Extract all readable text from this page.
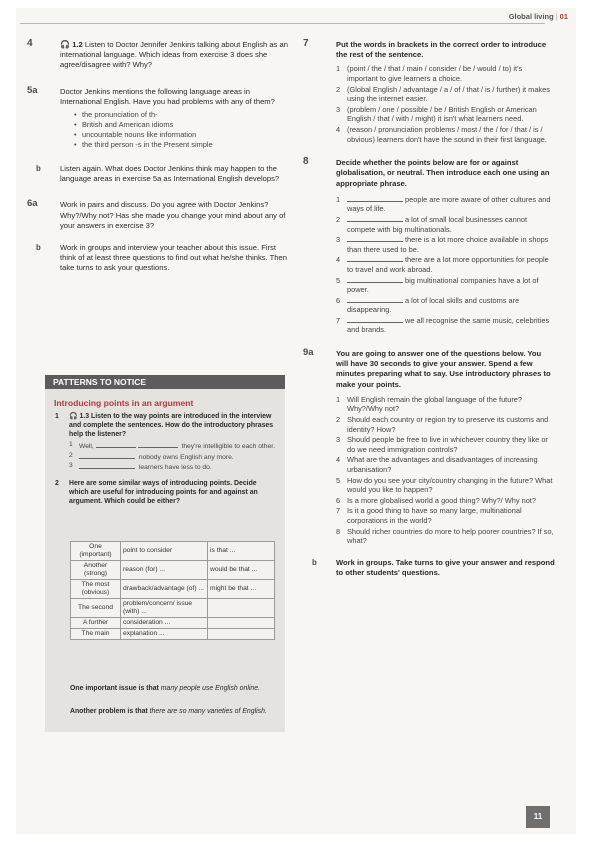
Global living | 01
4	🎧 1.2 Listen to Doctor Jennifer Jenkins talking about English as an international language. Which ideas from exercise 3 does she agree/disagree with? Why?
5a	Doctor Jenkins mentions the following language areas in International English. Have you had problems with any of them?
• the pronunciation of th-
• British and American idioms
• uncountable nouns like information
• the third person -s in the Present simple
b	Listen again. What does Doctor Jenkins think may happen to the language areas in exercise 5a as International English develops?
6a	Work in pairs and discuss. Do you agree with Doctor Jenkins? Why?/Why not? Has she made you change your mind about any of your answers in exercise 3?
b	Work in groups and interview your teacher about this issue. First think of at least three questions to find out what he/she thinks. Then take turns to ask your questions.
PATTERNS TO NOTICE
Introducing points in an argument
1 🎧 1.3 Listen to the way points are introduced in the interview and complete the sentences. How do the introductory phrases help the listener?
1 Well,	they're intelligible to each other.
2	nobody owns English any more.
3	learners have less to do.
2 Here are some similar ways of introducing points. Decide which are useful for introducing points for and against an argument. Which could be either?
One (important)	point to consider	is that ...
Another (strong)	reason (for) ...	would be that ...
The most (obvious)	drawback/advantage (of) ...	might be that ...
The second	problem/concern/ issue (with) ...	
A further	consideration ...	
The main	explanation ...	
One important issue is that many people use English online.
Another problem is that there are so many varieties of English.
7	Put the words in brackets in the correct order to introduce the rest of the sentence.
1 (point / the / that / main / consider / be / would / to) it's important to give learners a choice.
2 (Global English / advantage / a / of / that / is / further) it makes using the internet easier.
3 (problem / one / possible / be / British English or American English / that / with / might) it isn't what learners need.
4 (reason / pronunciation problems / most / the / for / that / is / obvious) learners don't have the sound in their first language.
8	Decide whether the points below are for or against globalisation, or neutral. Then introduce each one using an appropriate phrase.
1	people are more aware of other cultures and ways of life.
2	a lot of small local businesses cannot compete with big multinationals.
3	there is a lot more choice available in shops than there used to be.
4	there are a lot more opportunities for people to travel and work abroad.
5	big multinational companies have a lot of power.
6	a lot of local skills and customs are disappearing.
7	we all recognise the same music, celebrities and brands.
9a	You are going to answer one of the questions below. You will have 30 seconds to give your answer. Spend a few minutes preparing what to say. Use introductory phrases to make your points.
1 Will English remain the global language of the future? Why?/Why not?
2 Should each country or region try to preserve its customs and identity? How?
3 Should people be free to live in whichever country they like or do we need immigration controls?
4 What are the advantages and disadvantages of increasing urbanisation?
5 How do you see your city/country changing in the future? What would you like to happen?
6 Is a more globalised world a good thing? Why?/ Why not?
7 Is it a good thing to have so many large, multinational corporations in the world?
8 Should richer countries do more to help poorer countries? If so, what?
b	Work in groups. Take turns to give your answer and respond to other students' questions.
11
